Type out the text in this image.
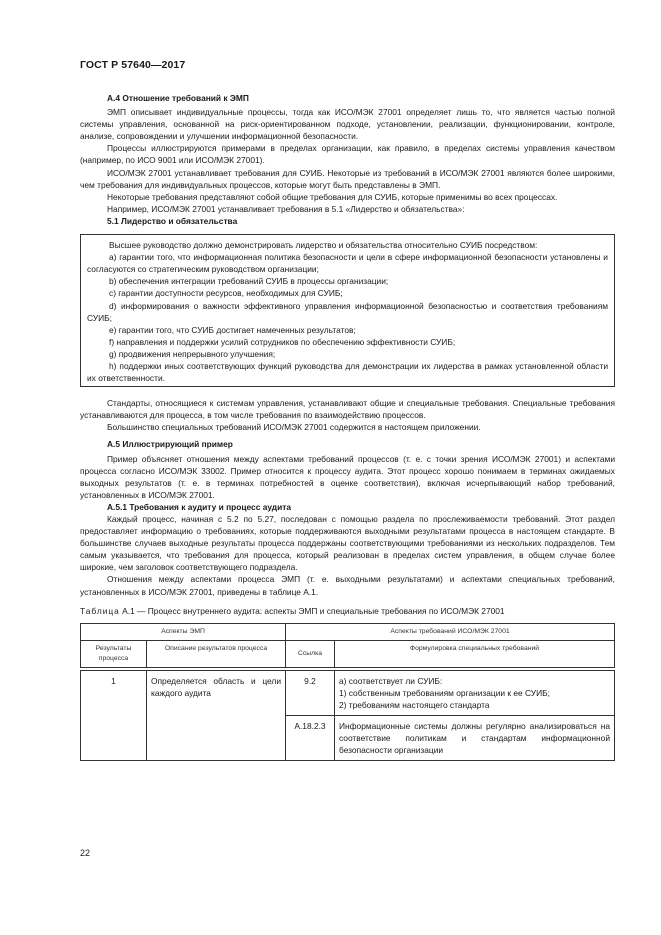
ГОСТ Р 57640—2017

А.4 Отношение требований к ЭМП

ЭМП описывает индивидуальные процессы, тогда как ИСО/МЭК 27001 определяет лишь то, что является частью полной системы управления, основанной на риск-ориентированном подходе, установлении, реализации, функционировании, контроле, анализе, сопровождении и улучшении информационной безопасности.

Процессы иллюстрируются примерами в пределах организации, как правило, в пределах системы управления качеством (например, по ИСО 9001 или ИСО/МЭК 27001).

ИСО/МЭК 27001 устанавливает требования для СУИБ. Некоторые из требований в ИСО/МЭК 27001 являются более широкими, чем требования для индивидуальных процессов, которые могут быть представлены в ЭМП.

Некоторые требования представляют собой общие требования для СУИБ, которые применимы во всех процессах.

Например, ИСО/МЭК 27001 устанавливает требования в 5.1 «Лидерство и обязательства»:

5.1 Лидерство и обязательства

Высшее руководство должно демонстрировать лидерство и обязательства относительно СУИБ посредством:

а) гарантии того, что информационная политика безопасности и цели в сфере информационной безопасности установлены и согласуются со стратегическим руководством организации;

b) обеспечения интеграции требований СУИБ в процессы организации;

с) гарантии доступности ресурсов, необходимых для СУИБ;

d) информирования о важности эффективного управления информационной безопасностью и соответствия требованиям СУИБ;

е) гарантии того, что СУИБ достигает намеченных результатов;

f) направления и поддержки усилий сотрудников по обеспечению эффективности СУИБ;

g) продвижения непрерывного улучшения;

h) поддержки иных соответствующих функций руководства для демонстрации их лидерства в рамках установленной области их ответственности.

Стандарты, относящиеся к системам управления, устанавливают общие и специальные требования. Специальные требования устанавливаются для процесса, в том числе требования по взаимодействию процессов.

Большинство специальных требований ИСО/МЭК 27001 содержится в настоящем приложении.

А.5 Иллюстрирующий пример

Пример объясняет отношения между аспектами требований процессов (т. е. с точки зрения ИСО/МЭК 27001) и аспектами процесса согласно ИСО/МЭК 33002. Пример относится к процессу аудита. Этот процесс хорошо понимаем в терминах ожидаемых выходных результатов (т. е. в терминах потребностей в оценке соответствия), включая исчерпывающий набор требований, установленных в ИСО/МЭК 27001.

А.5.1 Требования к аудиту и процесс аудита

Каждый процесс, начиная с 5.2 по 5.27, последован с помощью раздела по прослеживаемости требований. Этот раздел предоставляет информацию о требованиях, которые поддерживаются выходными результатами процесса в настоящем стандарте. В большинстве случаев выходные результаты процесса поддержаны соответствующими требованиями из нескольких подразделов. Тем самым указывается, что требования для процесса, который реализован в пределах систем управления, в общем случае более широкие, чем заголовок соответствующего подраздела.

Отношения между аспектами процесса ЭМП (т. е. выходными результатами) и аспектами специальных требований, установленных в ИСО/МЭК 27001, приведены в таблице А.1.

Таблица А.1 — Процесс внутреннего аудита: аспекты ЭМП и специальные требования по ИСО/МЭК 27001

Аспекты ЭМП		Аспекты требований ИСО/МЭК 27001	
Результаты процесса	Описание результатов процесса	Ссылка	Формулировка специальных требований

1	Определяется область и цели каждого аудита	9.2	а) соответствует ли СУИБ:
1) собственным требованиям организации к ее СУИБ;
2) требованиям настоящего стандарта

		А.18.2.3	Информационные системы должны регулярно анализироваться на соответствие политикам и стандартам информационной безопасности организации
22
